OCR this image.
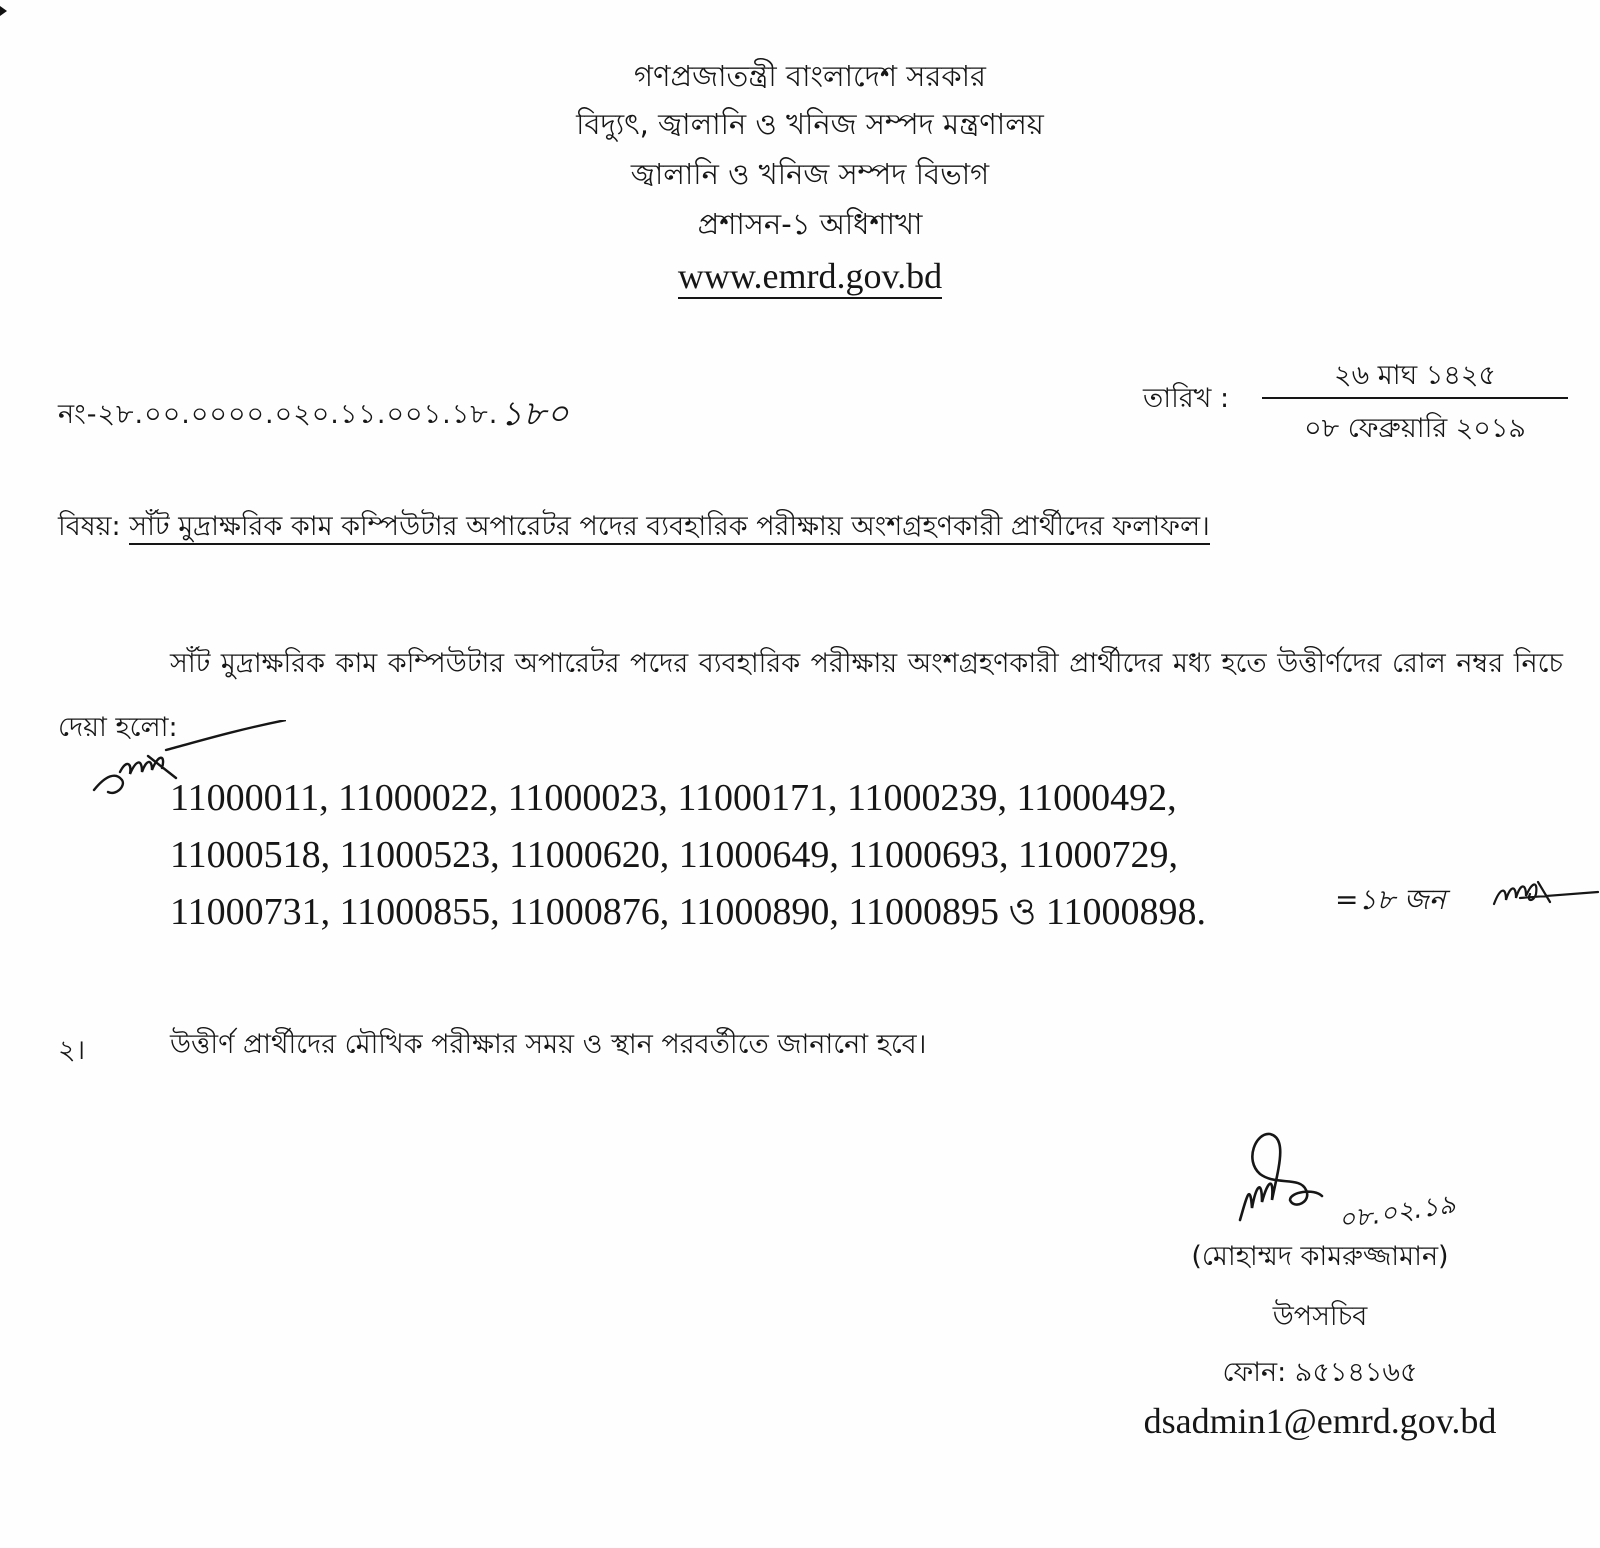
গণপ্রজাতন্ত্রী বাংলাদেশ সরকার
বিদ্যুৎ, জ্বালানি ও খনিজ সম্পদ মন্ত্রণালয়
জ্বালানি ও খনিজ সম্পদ বিভাগ
প্রশাসন-১ অধিশাখা
www.emrd.gov.bd
নং-২৮.০০.০০০০.০২০.১১.০০১.১৮.১৮০	তারিখ :
২৬ মাঘ ১৪২৫
০৮ ফেব্রুয়ারি ২০১৯
বিষয়: সাঁট মুদ্রাক্ষরিক কাম কম্পিউটার অপারেটর পদের ব্যবহারিক পরীক্ষায় অংশগ্রহণকারী প্রার্থীদের ফলাফল।
সাঁট মুদ্রাক্ষরিক কাম কম্পিউটার অপারেটর পদের ব্যবহারিক পরীক্ষায় অংশগ্রহণকারী প্রার্থীদের মধ্য হতে উত্তীর্ণদের রোল নম্বর নিচে দেয়া হলো:
11000011, 11000022, 11000023, 11000171, 11000239, 11000492,
11000518, 11000523, 11000620, 11000649, 11000693, 11000729,
11000731, 11000855, 11000876, 11000890, 11000895 ও 11000898.	=১৮ জন
২।	উত্তীর্ণ প্রার্থীদের মৌখিক পরীক্ষার সময় ও স্থান পরবর্তীতে জানানো হবে।
০৮.০২.১৯
(মোহাম্মদ কামরুজ্জামান)
উপসচিব
ফোন: ৯৫১৪১৬৫
dsadmin1@emrd.gov.bd
